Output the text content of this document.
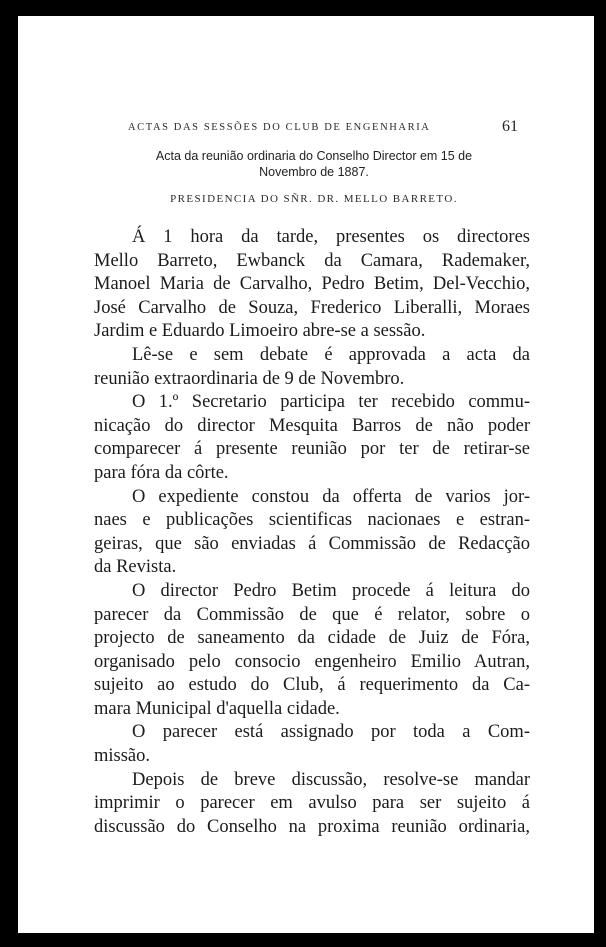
ACTAS DAS SESSÕES DO CLUB DE ENGENHARIA	61
Acta da reunião ordinaria do Conselho Director em 15 de
Novembro de 1887.
PRESIDENCIA DO SÑR. DR. MELLO BARRETO.

Á 1 hora da tarde, presentes os directores
Mello Barreto, Ewbanck da Camara, Rademaker,
Manoel Maria de Carvalho, Pedro Betim, Del-Vecchio,
José Carvalho de Souza, Frederico Liberalli, Moraes
Jardim e Eduardo Limoeiro abre-se a sessão.

Lê-se e sem debate é approvada a acta da
reunião extraordinaria de 9 de Novembro.

O 1.º Secretario participa ter recebido commu-
nicação do director Mesquita Barros de não poder
comparecer á presente reunião por ter de retirar-se
para fóra da côrte.

O expediente constou da offerta de varios jor-
naes e publicações scientificas nacionaes e estran-
geiras, que são enviadas á Commissão de Redacção
da Revista.

O director Pedro Betim procede á leitura do
parecer da Commissão de que é relator, sobre o
projecto de saneamento da cidade de Juiz de Fóra,
organisado pelo consocio engenheiro Emilio Autran,
sujeito ao estudo do Club, á requerimento da Ca-
mara Municipal d'aquella cidade.

O parecer está assignado por toda a Com-
missão.

Depois de breve discussão, resolve-se mandar
imprimir o parecer em avulso para ser sujeito á
discussão do Conselho na proxima reunião ordinaria,
